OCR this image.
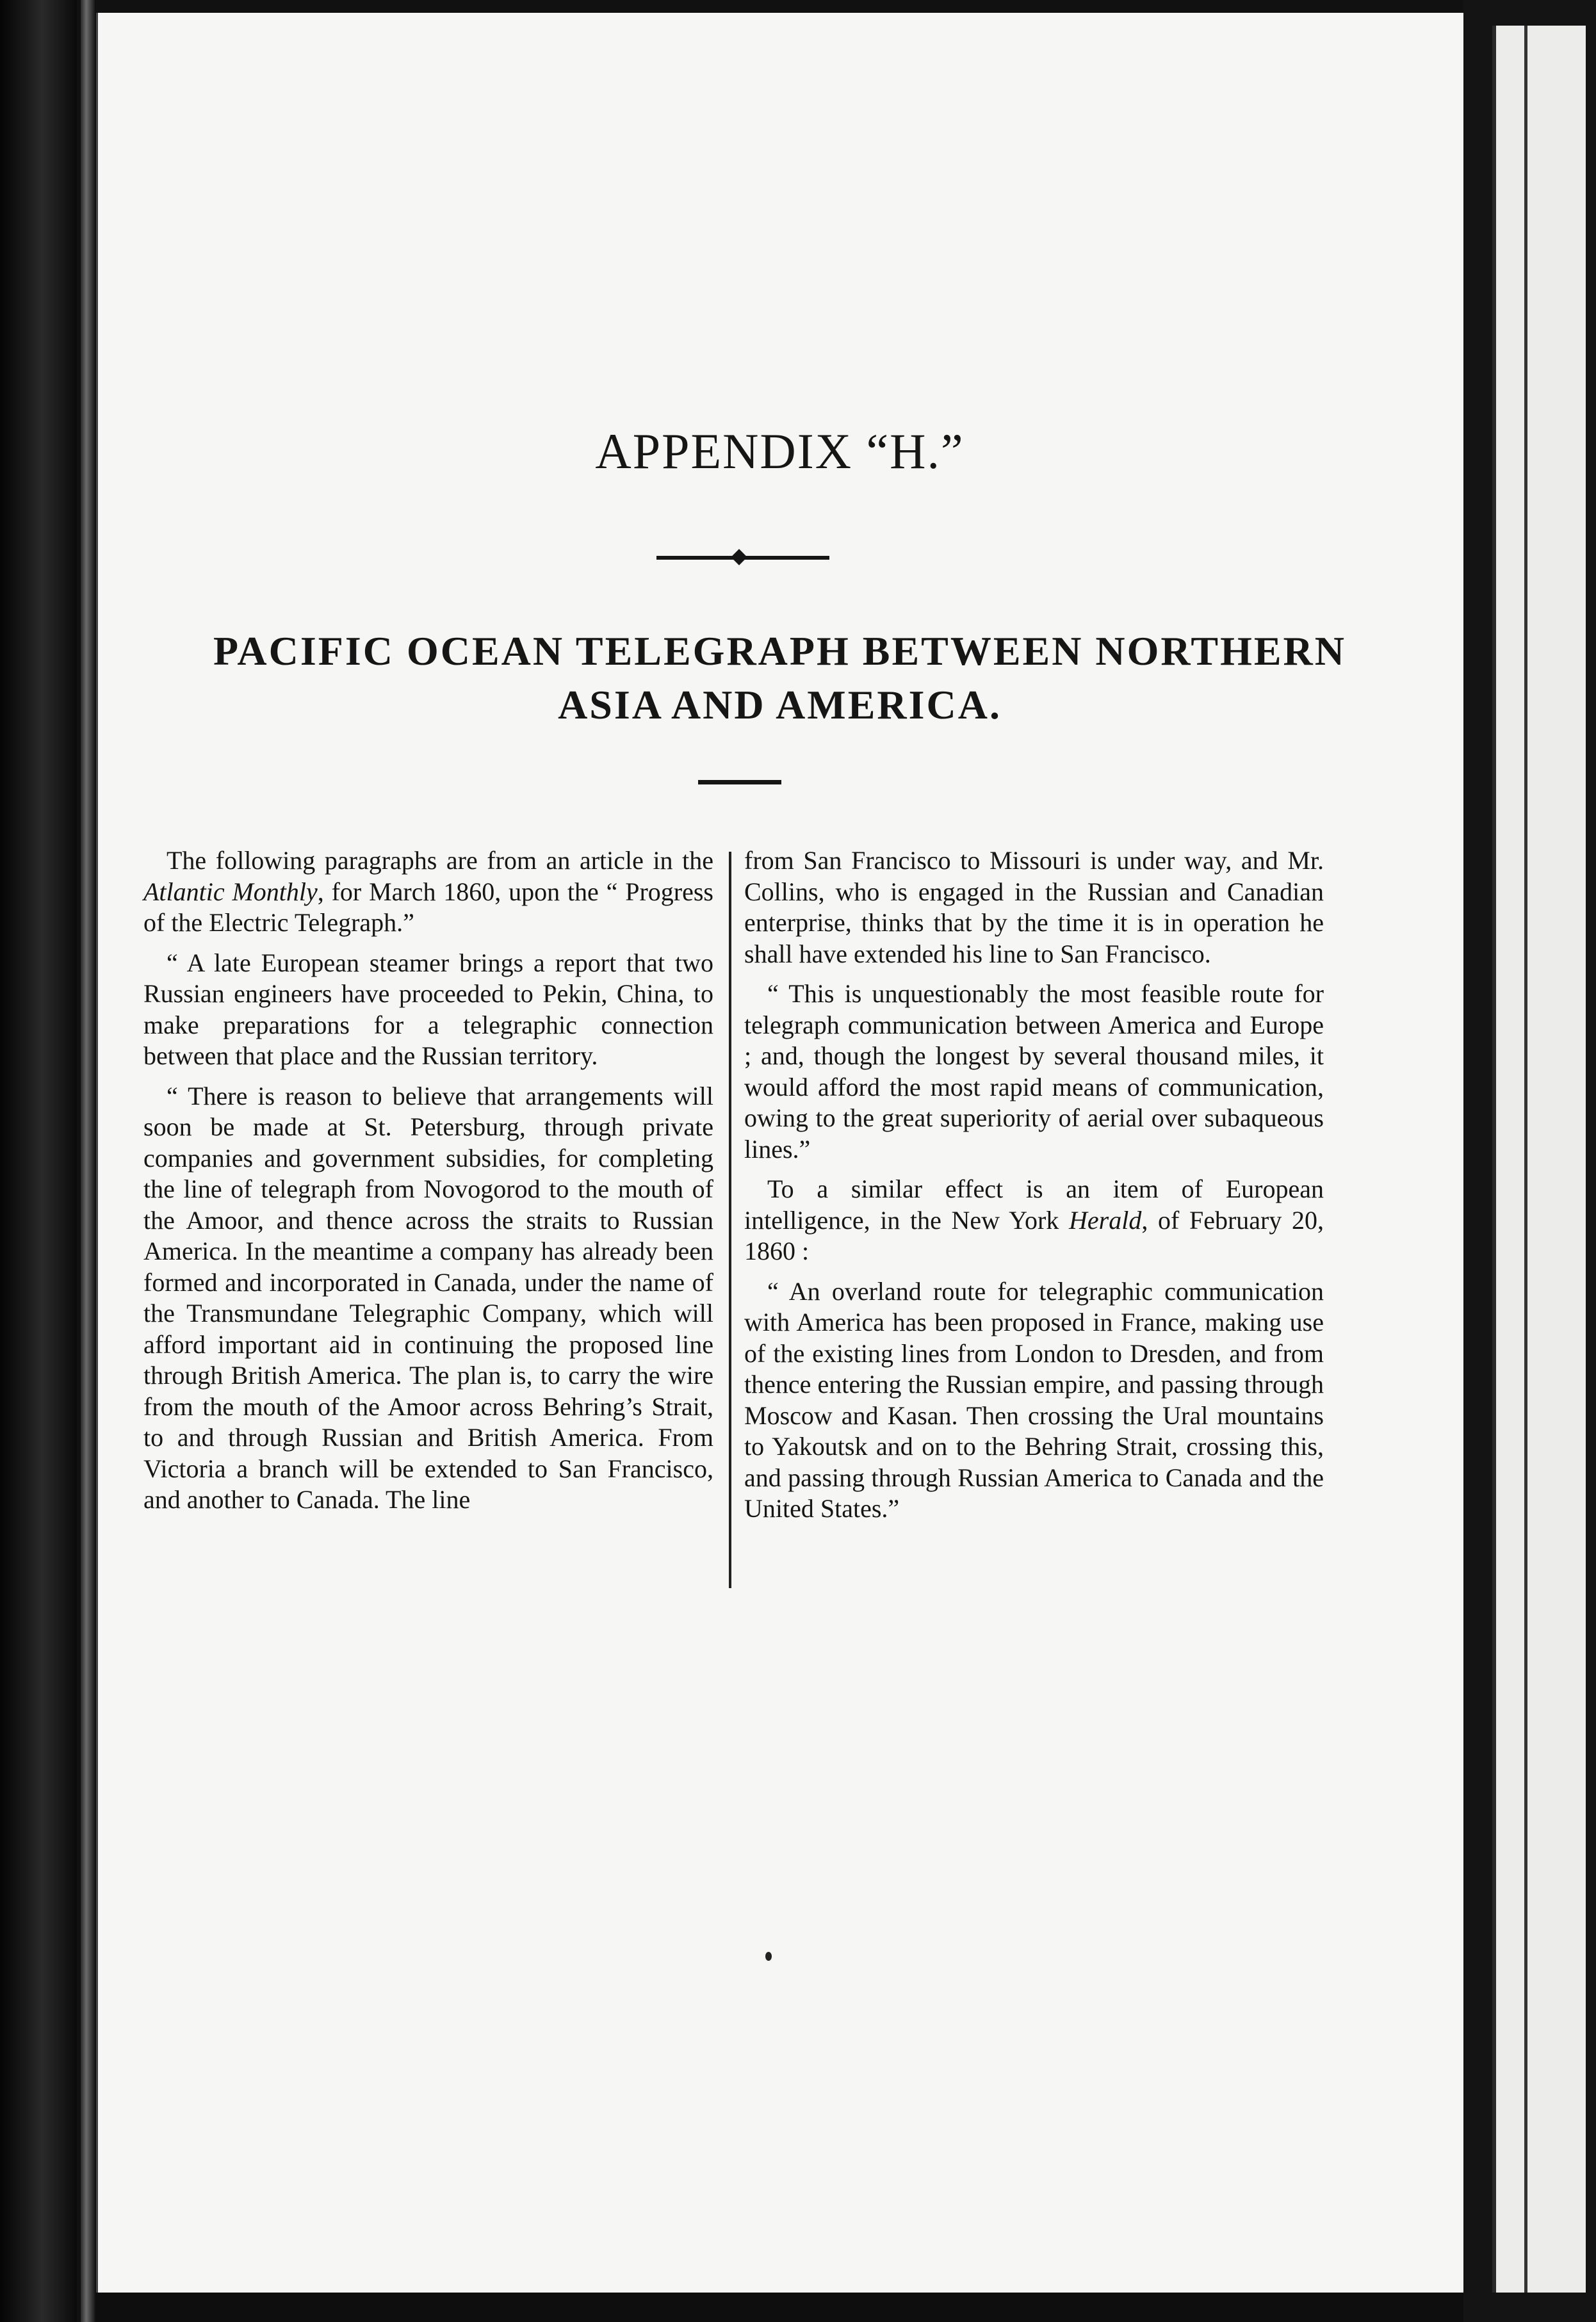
APPENDIX “H.”
PACIFIC OCEAN TELEGRAPH BETWEEN NORTHERN
ASIA AND AMERICA.

The following paragraphs are from an article in the Atlantic Monthly, for March 1860, upon the “ Progress of the Electric Telegraph.”

“ A late European steamer brings a report that two Russian engineers have proceeded to Pekin, China, to make preparations for a telegraphic connection between that place and the Russian territory.

“ There is reason to believe that arrangements will soon be made at St. Petersburg, through private companies and government subsidies, for completing the line of telegraph from Novogorod to the mouth of the Amoor, and thence across the straits to Russian America. In the meantime a company has already been formed and incorporated in Canada, under the name of the Transmundane Telegraphic Company, which will afford important aid in continuing the proposed line through British America. The plan is, to carry the wire from the mouth of the Amoor across Behring’s Strait, to and through Russian and British America. From Victoria a branch will be extended to San Francisco, and another to Canada. The line

from San Francisco to Missouri is under way, and Mr. Collins, who is engaged in the Russian and Canadian enterprise, thinks that by the time it is in operation he shall have extended his line to San Francisco.

“ This is unquestionably the most feasible route for telegraph communication between America and Europe ; and, though the longest by several thousand miles, it would afford the most rapid means of communication, owing to the great superiority of aerial over subaqueous lines.”

To a similar effect is an item of European intelligence, in the New York Herald, of February 20, 1860 :

“ An overland route for telegraphic communication with America has been proposed in France, making use of the existing lines from London to Dresden, and from thence entering the Russian empire, and passing through Moscow and Kasan. Then crossing the Ural mountains to Yakoutsk and on to the Behring Strait, crossing this, and passing through Russian America to Canada and the United States.”
